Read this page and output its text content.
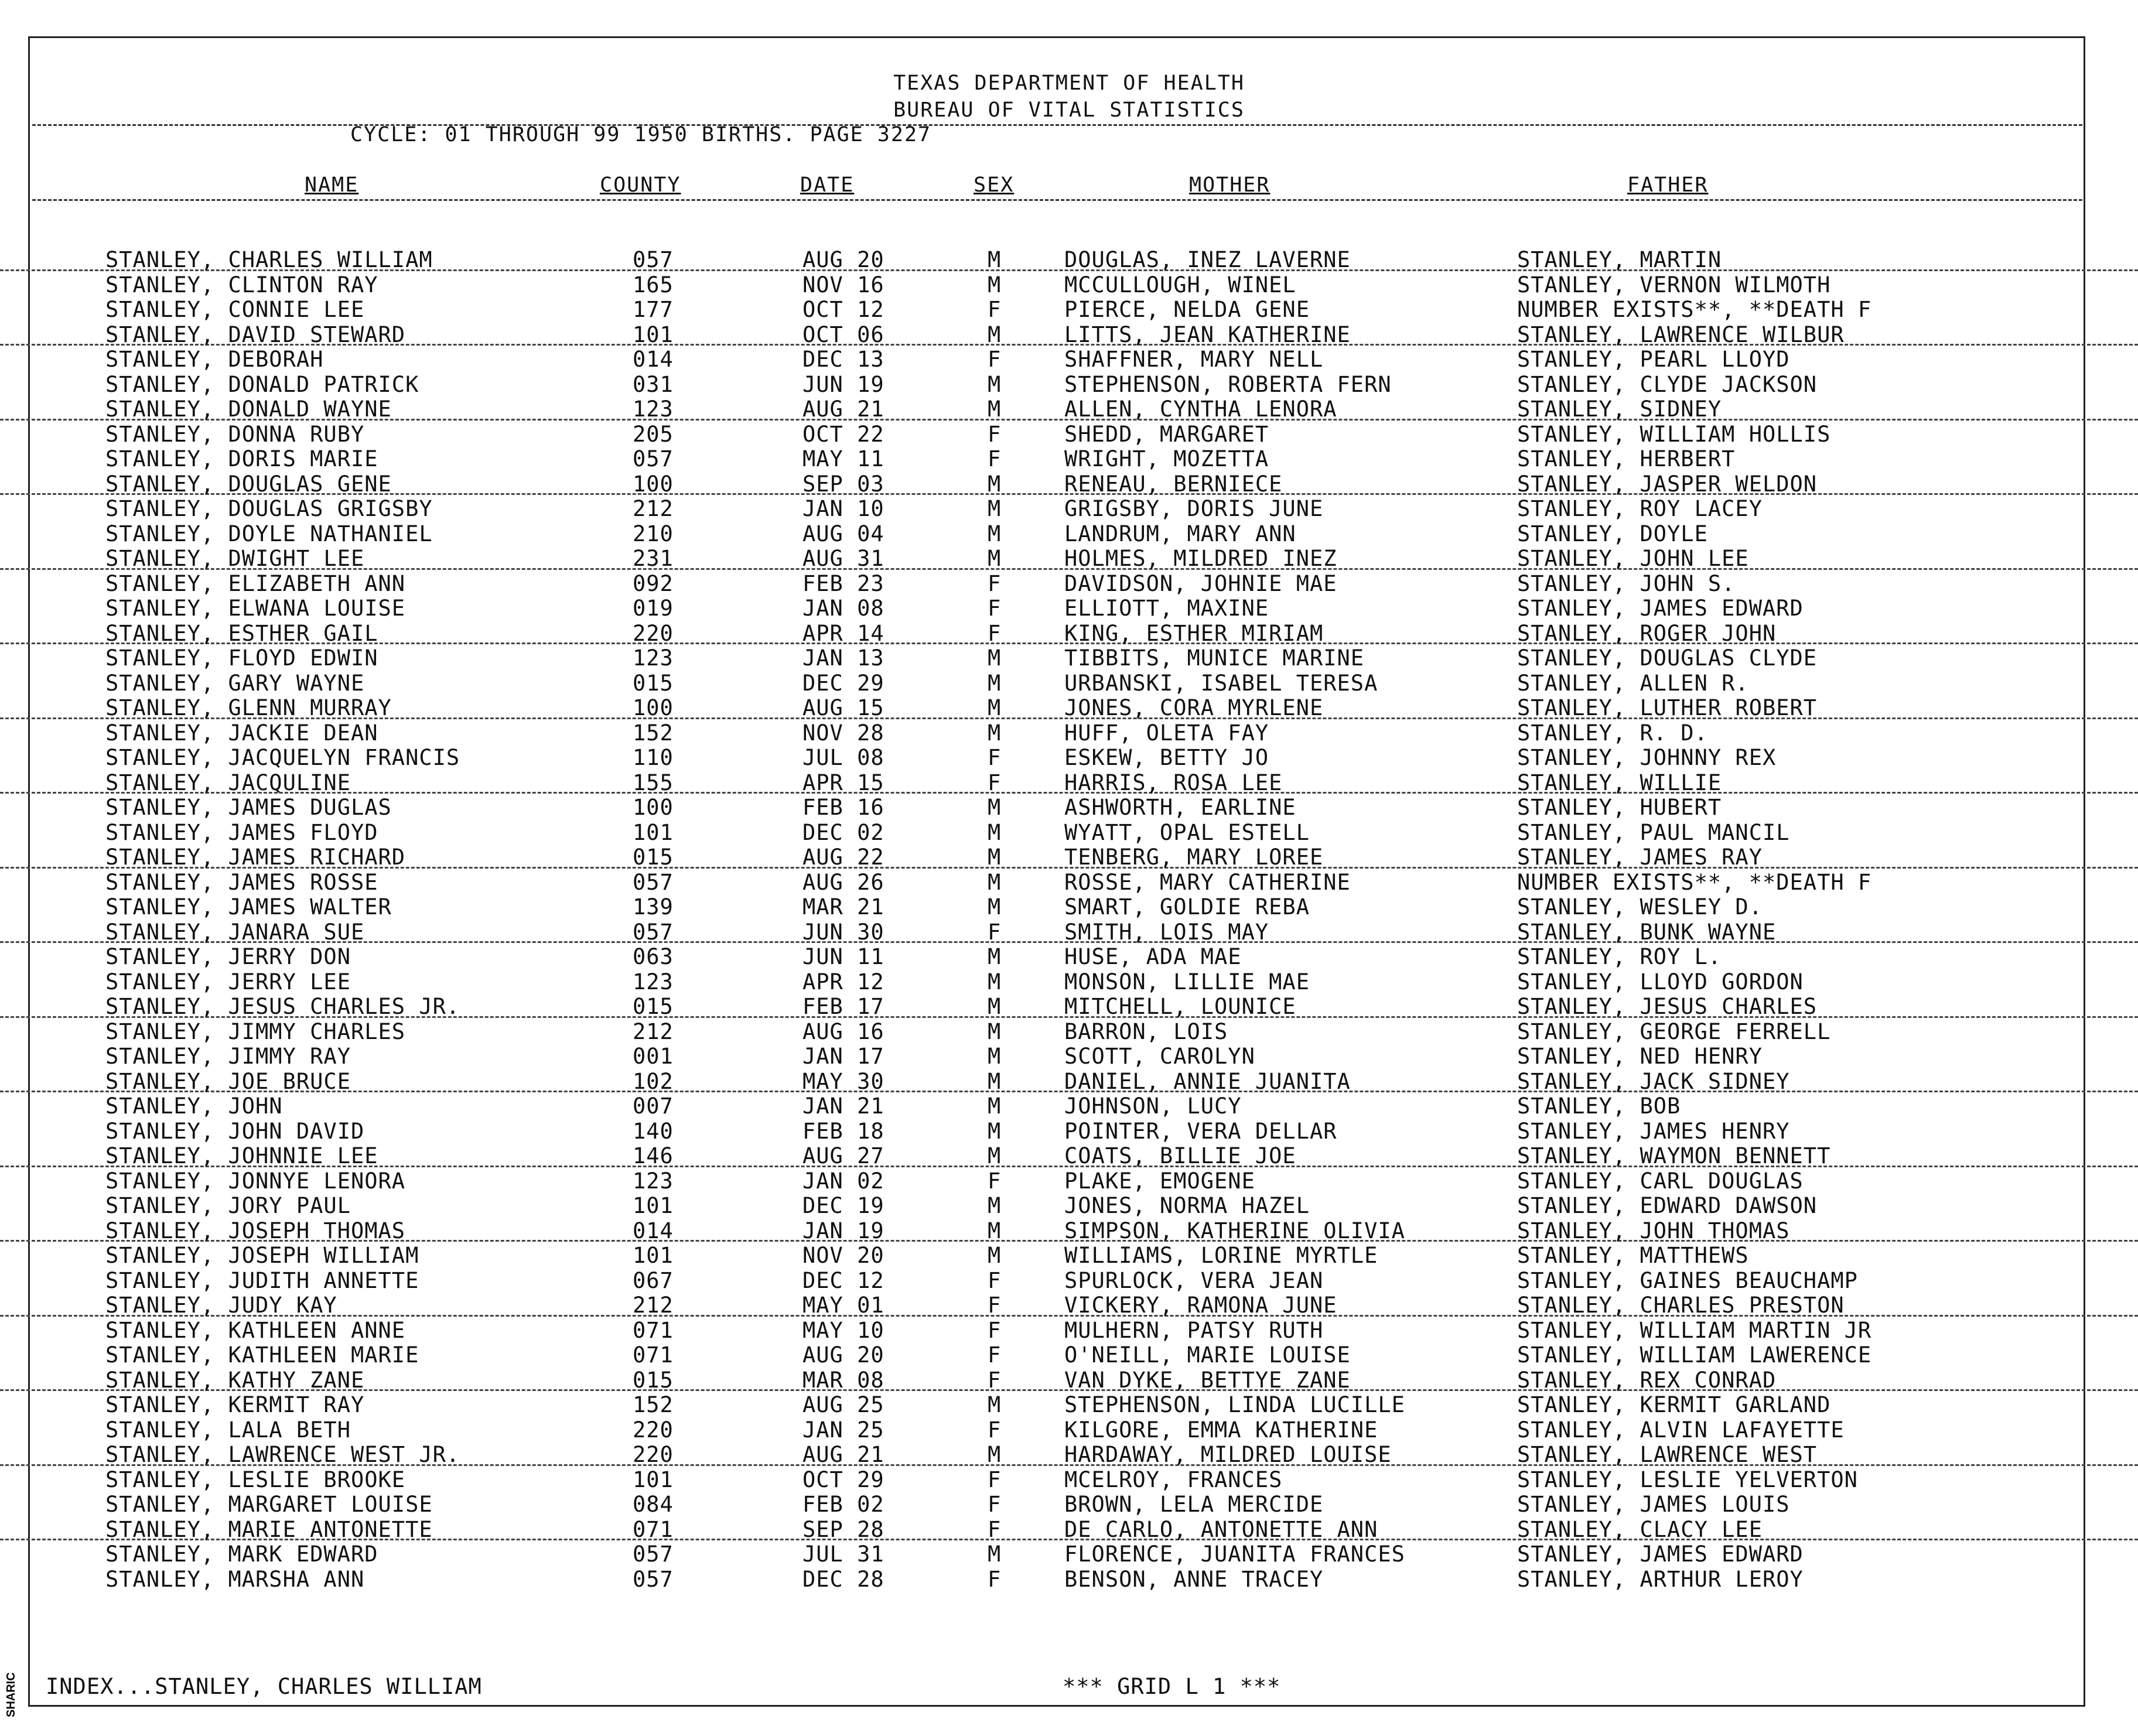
TEXAS DEPARTMENT OF HEALTH
BUREAU OF VITAL STATISTICS
CYCLE: 01 THROUGH 99 1950 BIRTHS. PAGE 3227
NAME	COUNTY	DATE	SEX	MOTHER	FATHER
STANLEY, CHARLES WILLIAM	057	AUG 20	M	DOUGLAS, INEZ LAVERNE	STANLEY, MARTIN
STANLEY, CLINTON RAY	165	NOV 16	M	MCCULLOUGH, WINEL	STANLEY, VERNON WILMOTH
STANLEY, CONNIE LEE	177	OCT 12	F	PIERCE, NELDA GENE	NUMBER EXISTS**, **DEATH F
STANLEY, DAVID STEWARD	101	OCT 06	M	LITTS, JEAN KATHERINE	STANLEY, LAWRENCE WILBUR
STANLEY, DEBORAH	014	DEC 13	F	SHAFFNER, MARY NELL	STANLEY, PEARL LLOYD
STANLEY, DONALD PATRICK	031	JUN 19	M	STEPHENSON, ROBERTA FERN	STANLEY, CLYDE JACKSON
STANLEY, DONALD WAYNE	123	AUG 21	M	ALLEN, CYNTHA LENORA	STANLEY, SIDNEY
STANLEY, DONNA RUBY	205	OCT 22	F	SHEDD, MARGARET	STANLEY, WILLIAM HOLLIS
STANLEY, DORIS MARIE	057	MAY 11	F	WRIGHT, MOZETTA	STANLEY, HERBERT
STANLEY, DOUGLAS GENE	100	SEP 03	M	RENEAU, BERNIECE	STANLEY, JASPER WELDON
STANLEY, DOUGLAS GRIGSBY	212	JAN 10	M	GRIGSBY, DORIS JUNE	STANLEY, ROY LACEY
STANLEY, DOYLE NATHANIEL	210	AUG 04	M	LANDRUM, MARY ANN	STANLEY, DOYLE
STANLEY, DWIGHT LEE	231	AUG 31	M	HOLMES, MILDRED INEZ	STANLEY, JOHN LEE
STANLEY, ELIZABETH ANN	092	FEB 23	F	DAVIDSON, JOHNIE MAE	STANLEY, JOHN S.
STANLEY, ELWANA LOUISE	019	JAN 08	F	ELLIOTT, MAXINE	STANLEY, JAMES EDWARD
STANLEY, ESTHER GAIL	220	APR 14	F	KING, ESTHER MIRIAM	STANLEY, ROGER JOHN
STANLEY, FLOYD EDWIN	123	JAN 13	M	TIBBITS, MUNICE MARINE	STANLEY, DOUGLAS CLYDE
STANLEY, GARY WAYNE	015	DEC 29	M	URBANSKI, ISABEL TERESA	STANLEY, ALLEN R.
STANLEY, GLENN MURRAY	100	AUG 15	M	JONES, CORA MYRLENE	STANLEY, LUTHER ROBERT
STANLEY, JACKIE DEAN	152	NOV 28	M	HUFF, OLETA FAY	STANLEY, R. D.
STANLEY, JACQUELYN FRANCIS	110	JUL 08	F	ESKEW, BETTY JO	STANLEY, JOHNNY REX
STANLEY, JACQULINE	155	APR 15	F	HARRIS, ROSA LEE	STANLEY, WILLIE
STANLEY, JAMES DUGLAS	100	FEB 16	M	ASHWORTH, EARLINE	STANLEY, HUBERT
STANLEY, JAMES FLOYD	101	DEC 02	M	WYATT, OPAL ESTELL	STANLEY, PAUL MANCIL
STANLEY, JAMES RICHARD	015	AUG 22	M	TENBERG, MARY LOREE	STANLEY, JAMES RAY
STANLEY, JAMES ROSSE	057	AUG 26	M	ROSSE, MARY CATHERINE	NUMBER EXISTS**, **DEATH F
STANLEY, JAMES WALTER	139	MAR 21	M	SMART, GOLDIE REBA	STANLEY, WESLEY D.
STANLEY, JANARA SUE	057	JUN 30	F	SMITH, LOIS MAY	STANLEY, BUNK WAYNE
STANLEY, JERRY DON	063	JUN 11	M	HUSE, ADA MAE	STANLEY, ROY L.
STANLEY, JERRY LEE	123	APR 12	M	MONSON, LILLIE MAE	STANLEY, LLOYD GORDON
STANLEY, JESUS CHARLES JR.	015	FEB 17	M	MITCHELL, LOUNICE	STANLEY, JESUS CHARLES
STANLEY, JIMMY CHARLES	212	AUG 16	M	BARRON, LOIS	STANLEY, GEORGE FERRELL
STANLEY, JIMMY RAY	001	JAN 17	M	SCOTT, CAROLYN	STANLEY, NED HENRY
STANLEY, JOE BRUCE	102	MAY 30	M	DANIEL, ANNIE JUANITA	STANLEY, JACK SIDNEY
STANLEY, JOHN	007	JAN 21	M	JOHNSON, LUCY	STANLEY, BOB
STANLEY, JOHN DAVID	140	FEB 18	M	POINTER, VERA DELLAR	STANLEY, JAMES HENRY
STANLEY, JOHNNIE LEE	146	AUG 27	M	COATS, BILLIE JOE	STANLEY, WAYMON BENNETT
STANLEY, JONNYE LENORA	123	JAN 02	F	PLAKE, EMOGENE	STANLEY, CARL DOUGLAS
STANLEY, JORY PAUL	101	DEC 19	M	JONES, NORMA HAZEL	STANLEY, EDWARD DAWSON
STANLEY, JOSEPH THOMAS	014	JAN 19	M	SIMPSON, KATHERINE OLIVIA	STANLEY, JOHN THOMAS
STANLEY, JOSEPH WILLIAM	101	NOV 20	M	WILLIAMS, LORINE MYRTLE	STANLEY, MATTHEWS
STANLEY, JUDITH ANNETTE	067	DEC 12	F	SPURLOCK, VERA JEAN	STANLEY, GAINES BEAUCHAMP
STANLEY, JUDY KAY	212	MAY 01	F	VICKERY, RAMONA JUNE	STANLEY, CHARLES PRESTON
STANLEY, KATHLEEN ANNE	071	MAY 10	F	MULHERN, PATSY RUTH	STANLEY, WILLIAM MARTIN JR
STANLEY, KATHLEEN MARIE	071	AUG 20	F	O'NEILL, MARIE LOUISE	STANLEY, WILLIAM LAWERENCE
STANLEY, KATHY ZANE	015	MAR 08	F	VAN DYKE, BETTYE ZANE	STANLEY, REX CONRAD
STANLEY, KERMIT RAY	152	AUG 25	M	STEPHENSON, LINDA LUCILLE	STANLEY, KERMIT GARLAND
STANLEY, LALA BETH	220	JAN 25	F	KILGORE, EMMA KATHERINE	STANLEY, ALVIN LAFAYETTE
STANLEY, LAWRENCE WEST JR.	220	AUG 21	M	HARDAWAY, MILDRED LOUISE	STANLEY, LAWRENCE WEST
STANLEY, LESLIE BROOKE	101	OCT 29	F	MCELROY, FRANCES	STANLEY, LESLIE YELVERTON
STANLEY, MARGARET LOUISE	084	FEB 02	F	BROWN, LELA MERCIDE	STANLEY, JAMES LOUIS
STANLEY, MARIE ANTONETTE	071	SEP 28	F	DE CARLO, ANTONETTE ANN	STANLEY, CLACY LEE
STANLEY, MARK EDWARD	057	JUL 31	M	FLORENCE, JUANITA FRANCES	STANLEY, JAMES EDWARD
STANLEY, MARSHA ANN	057	DEC 28	F	BENSON, ANNE TRACEY	STANLEY, ARTHUR LEROY
INDEX...STANLEY, CHARLES WILLIAM	*** GRID L 1 ***
SHARIC
